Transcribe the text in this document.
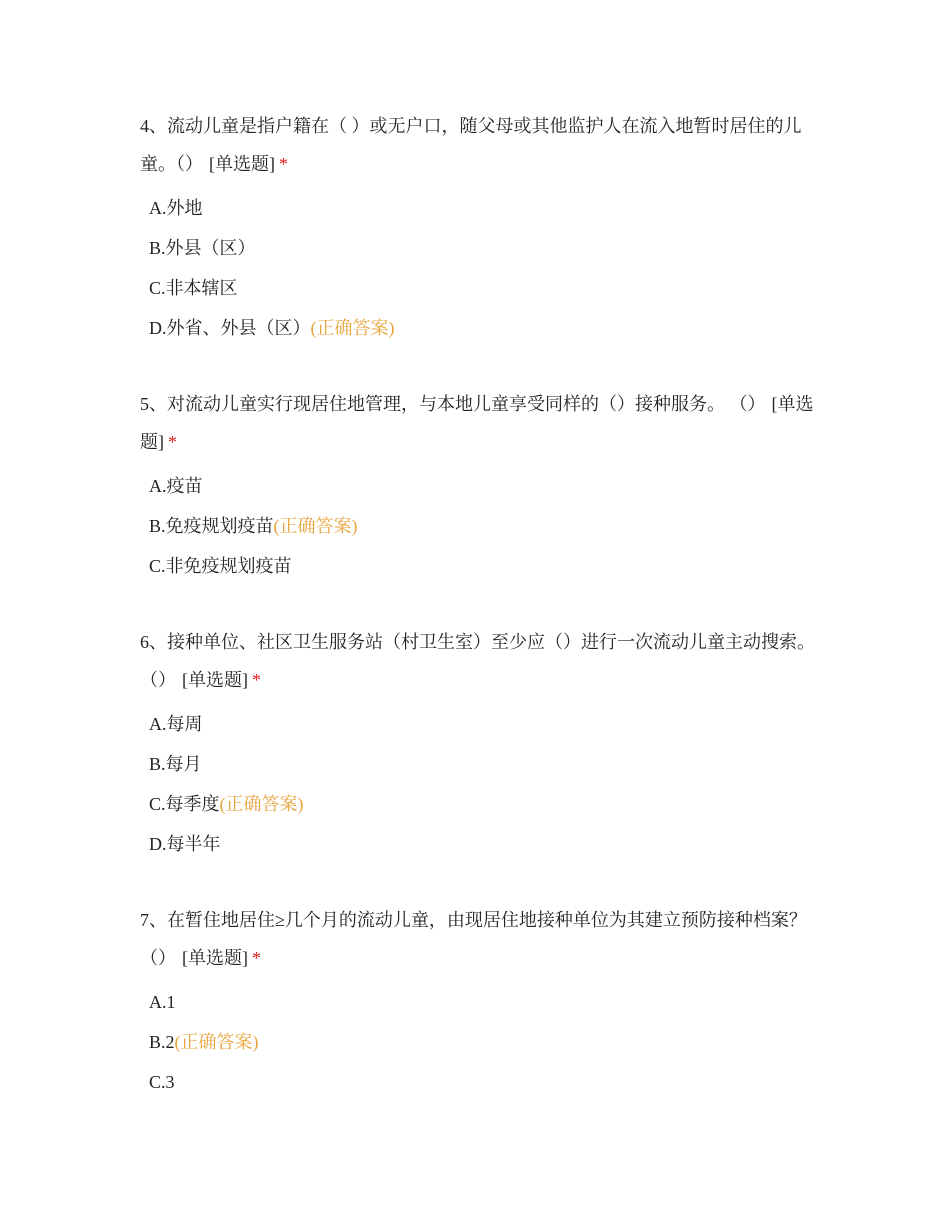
4、流动儿童是指户籍在（ ）或无户口，随父母或其他监护人在流入地暂时居住的儿童。（） [单选题] *

A.外地
B.外县（区）
C.非本辖区
D.外省、外县（区）(正确答案)

5、对流动儿童实行现居住地管理，与本地儿童享受同样的（）接种服务。 （） [单选题] *

A.疫苗
B.免疫规划疫苗(正确答案)
C.非免疫规划疫苗

6、接种单位、社区卫生服务站（村卫生室）至少应（）进行一次流动儿童主动搜索。（） [单选题] *

A.每周
B.每月
C.每季度(正确答案)
D.每半年

7、在暂住地居住≥几个月的流动儿童，由现居住地接种单位为其建立预防接种档案？（） [单选题] *

A.1
B.2(正确答案)
C.3
